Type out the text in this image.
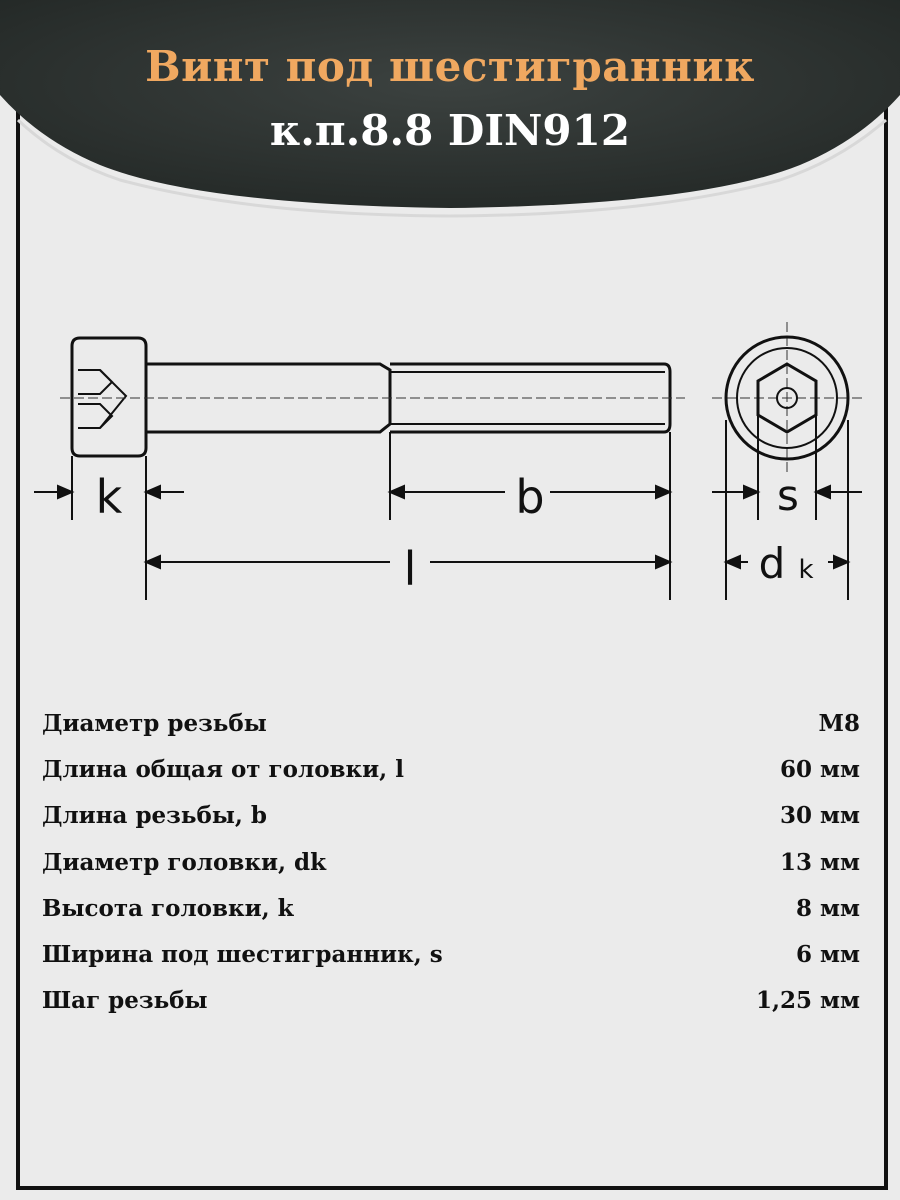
Винт под шестигранник
к.п.8.8 DIN912
k	b
l
s
d k
Диаметр резьбы	M8
Длина общая от головки, l	60 мм
Длина резьбы, b	30 мм
Диаметр головки, dk	13 мм
Высота головки, k	8 мм
Ширина под шестигранник, s	6 мм
Шаг резьбы	1,25 мм
